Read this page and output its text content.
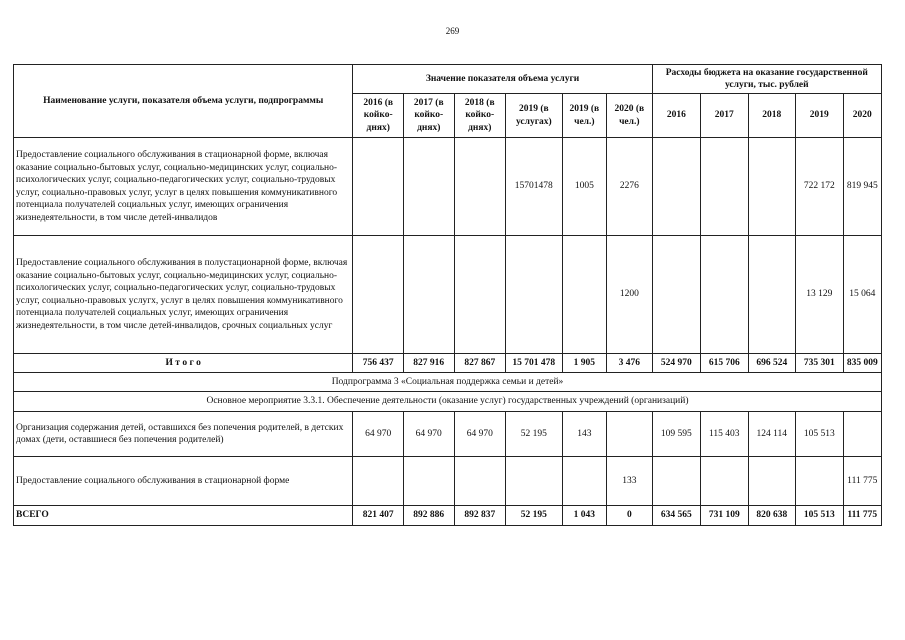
269
Наименование услуги, показателя объема услуги, подпрограммы	Значение показателя объема услуги						Расходы бюджета на оказание государственной услуги, тыс. рублей				
	2016 (в койко-днях)	2017 (в койко-днях)	2018 (в койко-днях)	2019 (в услугах)	2019 (в чел.)	2020 (в чел.)	2016	2017	2018	2019	2020
Предоставление социального обслуживания в стационарной форме, включая оказание социально-бытовых услуг, социально-медицинских услуг, социально-психологических услуг, социально-педагогических услуг, социально-трудовых услуг, социально-правовых услуг, услуг в целях повышения коммуникативного потенциала получателей социальных услуг, имеющих ограничения жизнедеятельности, в том числе детей-инвалидов				15701478	1005	2276				722 172	819 945
Предоставление социального обслуживания в полустационарной форме, включая оказание социально-бытовых услуг, социально-медицинских услуг, социально-психологических услуг, социально-педагогических услуг, социально-трудовых услуг, социально-правовых услугх, услуг в целях повышения коммуникативного потенциала получателей социальных услуг, имеющих ограничения жизнедеятельности, в том числе детей-инвалидов, срочных социальных услуг						1200				13 129	15 064
И т о г о	756 437	827 916	827 867	15 701 478	1 905	3 476	524 970	615 706	696 524	735 301	835 009
Подпрограмма 3 «Социальная поддержка семьи и детей»											
Основное мероприятие 3.3.1. Обеспечение деятельности (оказание услуг) государственных учреждений (организаций)											
Организация содержания детей, оставшихся без попечения родителей, в детских домах (дети, оставшиеся без попечения родителей)	64 970	64 970	64 970	52 195	143		109 595	115 403	124 114	105 513	
Предоставление социального обслуживания в стационарной форме						133					111 775
ВСЕГО	821 407	892 886	892 837	52 195	1 043	0	634 565	731 109	820 638	105 513	111 775
